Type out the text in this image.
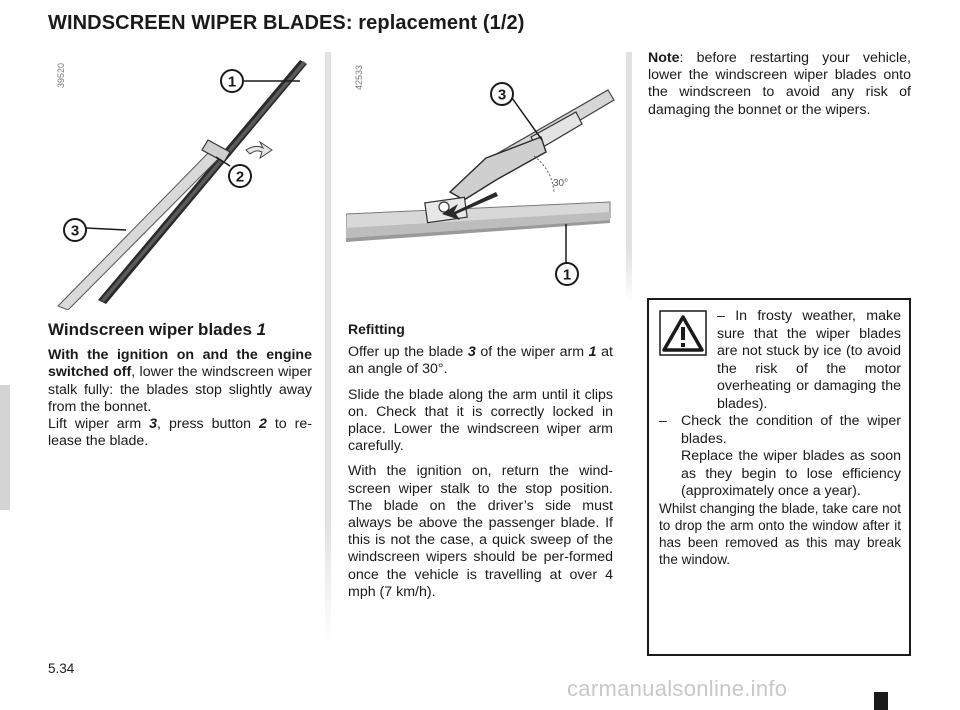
WINDSCREEN WIPER BLADES: replacement (1/2)
1
2
3
39520
30°
3
1
42533
Windscreen wiper blades 1
With the ignition on and the engine switched off, lower the windscreen wiper stalk fully: the blades stop slightly away from the bonnet.
Lift wiper arm 3, press button 2 to re-lease the blade.
Refitting

Offer up the blade 3 of the wiper arm 1 at an angle of 30°.

Slide the blade along the arm until it clips on. Check that it is correctly locked in place. Lower the windscreen wiper arm carefully.

With the ignition on, return the wind-screen wiper stalk to the stop position. The blade on the driver’s side must always be above the passenger blade. If this is not the case, a quick sweep of the windscreen wipers should be per-formed once the vehicle is travelling at over 4 mph (7 km/h).

Note: before restarting your vehicle, lower the windscreen wiper blades onto the windscreen to avoid any risk of damaging the bonnet or the wipers.
– In frosty weather, make sure that the wiper blades are not stuck by ice (to avoid the risk of the motor overheating or damaging the blades).
– Check the condition of the wiper blades.
Replace the wiper blades as soon as they begin to lose efficiency (approximately once a year).
Whilst changing the blade, take care not to drop the arm onto the window after it has been removed as this may break the window.
5.34
carmanualsonline.info
